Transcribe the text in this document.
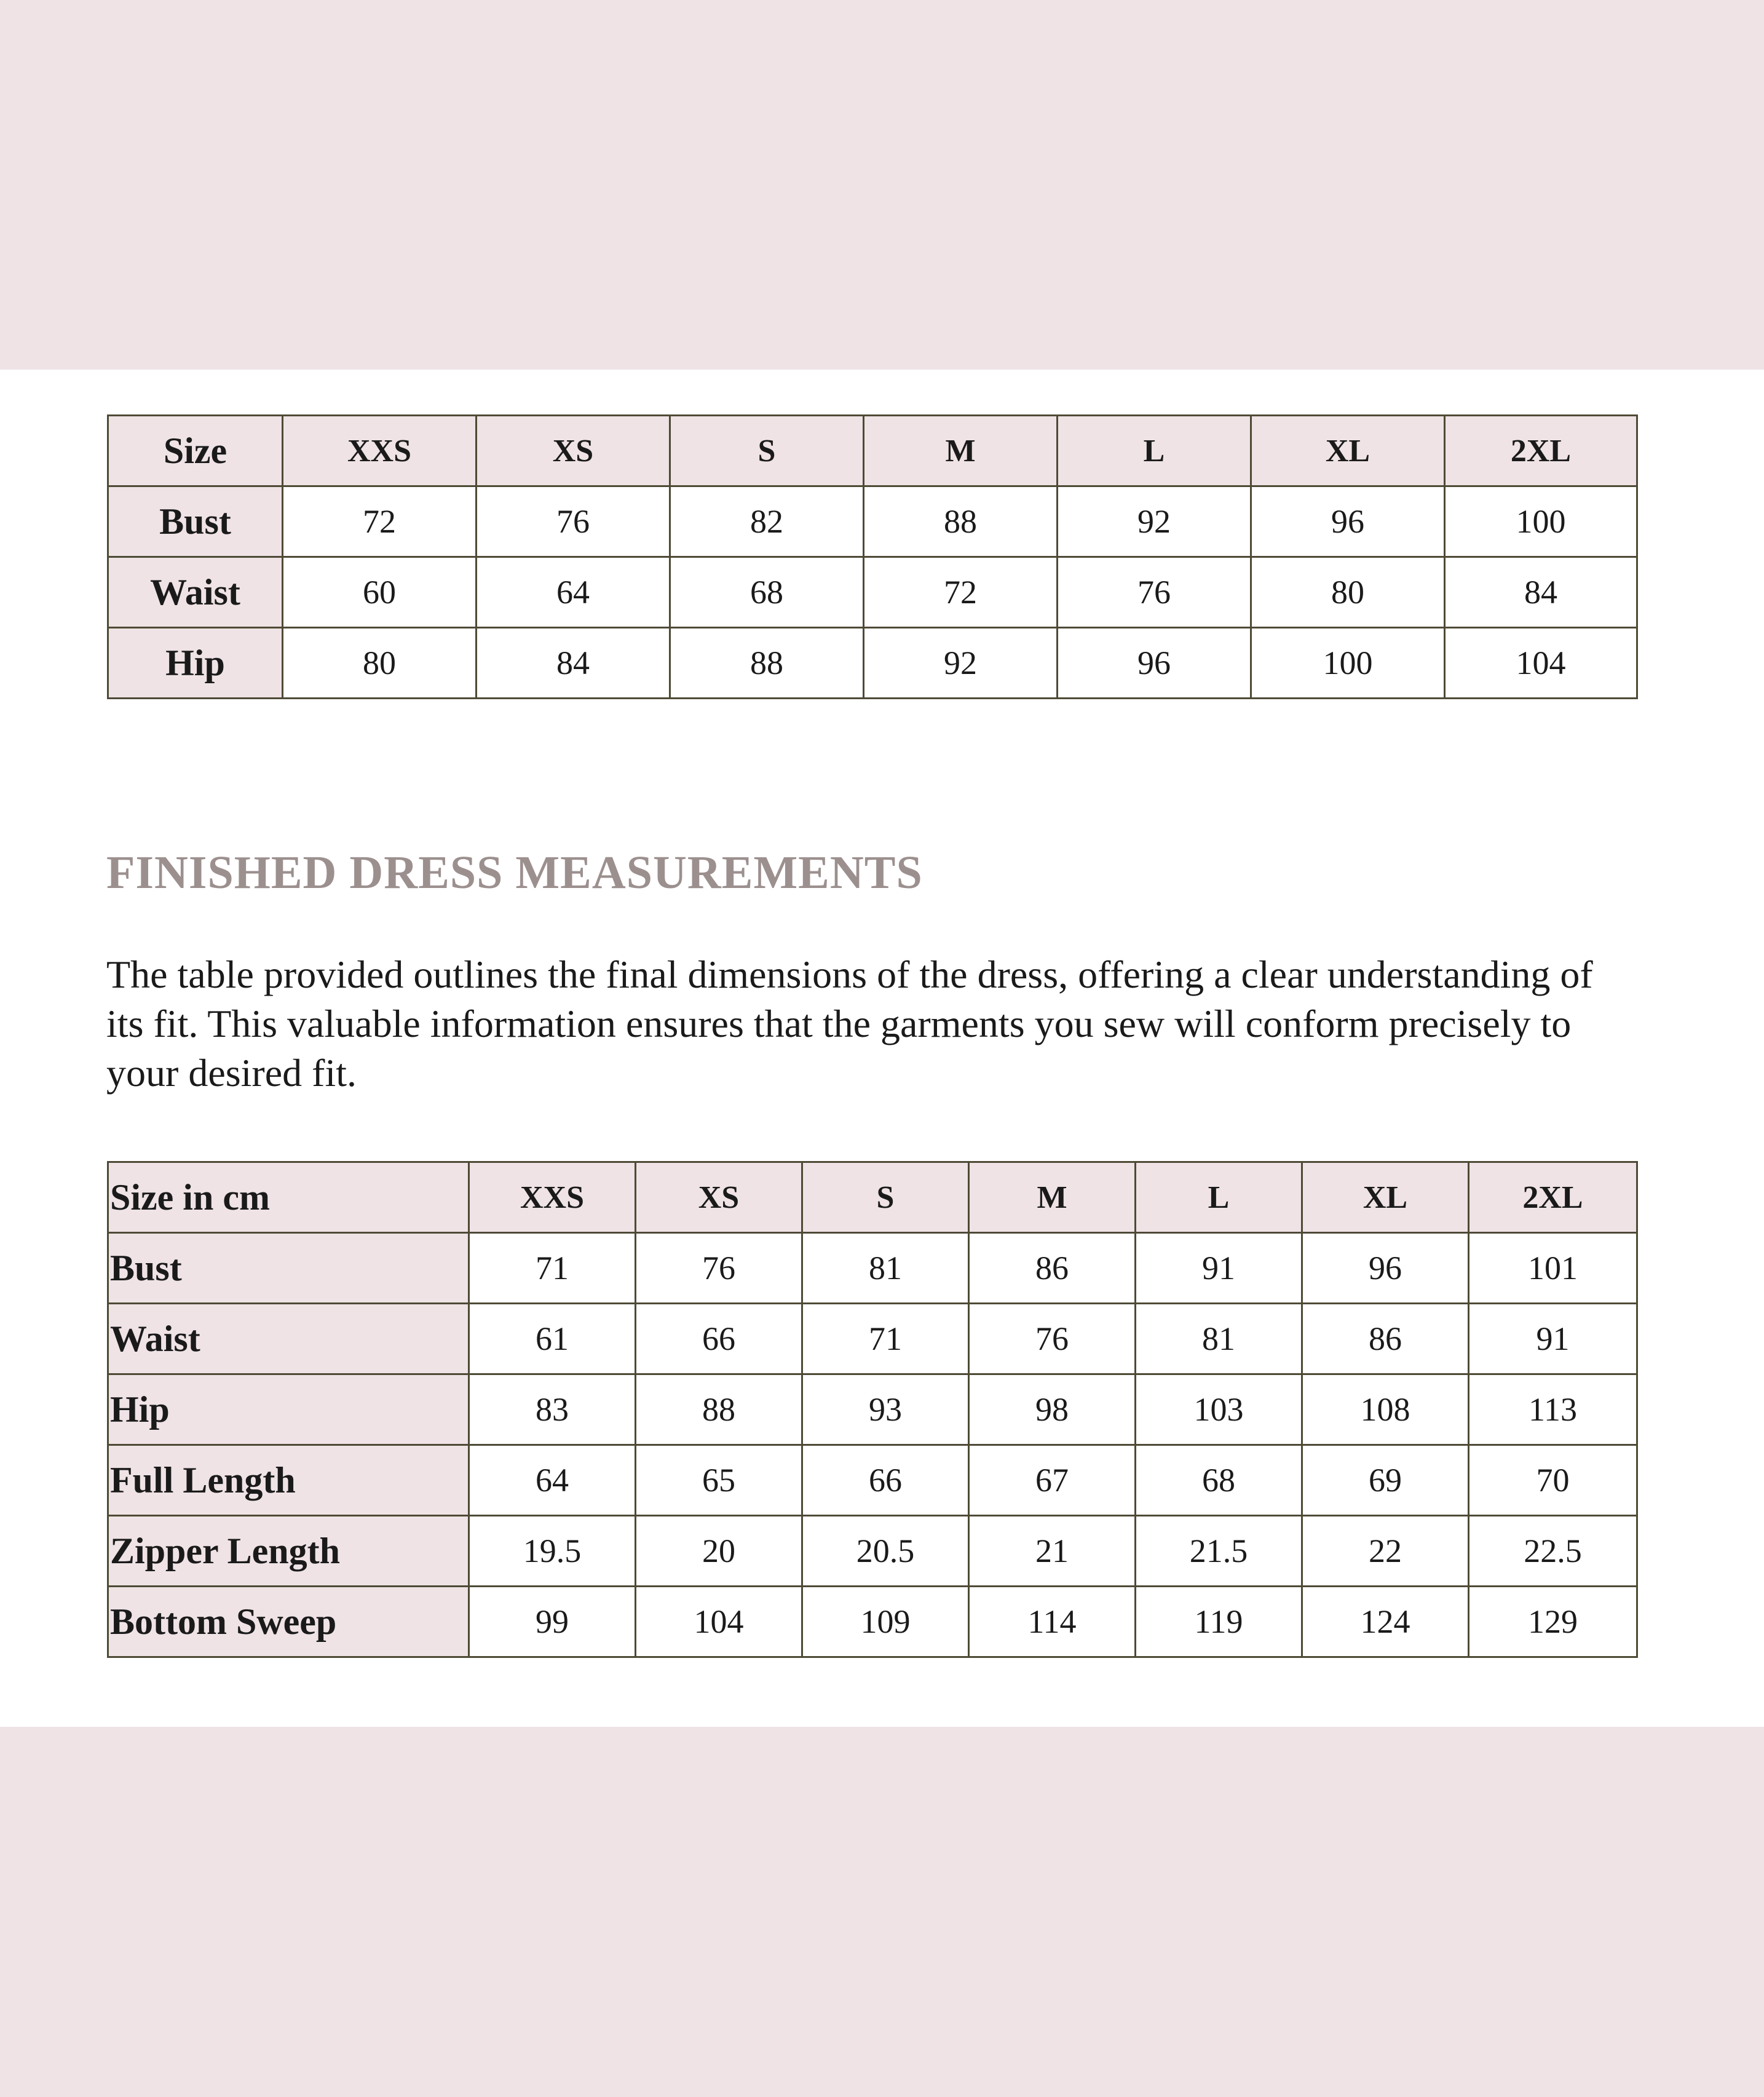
Size	XXS	XS	S	M	L	XL	2XL
Bust	72	76	82	88	92	96	100
Waist	60	64	68	72	76	80	84
Hip	80	84	88	92	96	100	104
FINISHED DRESS MEASUREMENTS

The table provided outlines the final dimensions of the dress, offering a clear understanding of its fit. This valuable information ensures that the garments you sew will conform precisely to your desired fit.

Size in cm	XXS	XS	S	M	L	XL	2XL
Bust	71	76	81	86	91	96	101
Waist	61	66	71	76	81	86	91
Hip	83	88	93	98	103	108	113
Full Length	64	65	66	67	68	69	70
Zipper Length	19.5	20	20.5	21	21.5	22	22.5
Bottom Sweep	99	104	109	114	119	124	129
